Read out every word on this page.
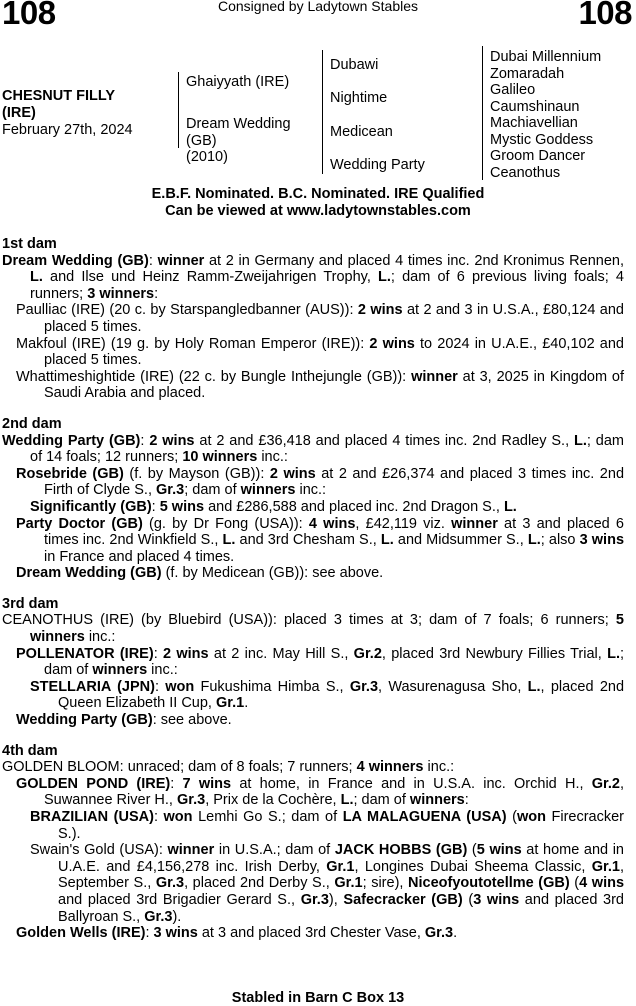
108	Consigned by Ladytown Stables	108
CHESNUT FILLY
(IRE)
February 27th, 2024
Ghaiyyath (IRE)
Dream Wedding
(GB)
(2010)
Dubawi
Nightime
Medicean
Wedding Party
Dubai Millennium
Zomaradah
Galileo
Caumshinaun
Machiavellian
Mystic Goddess
Groom Dancer
Ceanothus
E.B.F. Nominated. B.C. Nominated. IRE Qualified
Can be viewed at www.ladytownstables.com
1st dam
Dream Wedding (GB): winner at 2 in Germany and placed 4 times inc. 2nd Kronimus Rennen, L. and Ilse und Heinz Ramm-Zweijahrigen Trophy, L.; dam of 6 previous living foals; 4 runners; 3 winners:
Paulliac (IRE) (20 c. by Starspangledbanner (AUS)): 2 wins at 2 and 3 in U.S.A., £80,124 and placed 5 times.
Makfoul (IRE) (19 g. by Holy Roman Emperor (IRE)): 2 wins to 2024 in U.A.E., £40,102 and placed 5 times.
Whattimeshightide (IRE) (22 c. by Bungle Inthejungle (GB)): winner at 3, 2025 in Kingdom of Saudi Arabia and placed.
2nd dam
Wedding Party (GB): 2 wins at 2 and £36,418 and placed 4 times inc. 2nd Radley S., L.; dam of 14 foals; 12 runners; 10 winners inc.:
Rosebride (GB) (f. by Mayson (GB)): 2 wins at 2 and £26,374 and placed 3 times inc. 2nd Firth of Clyde S., Gr.3; dam of winners inc.:
Significantly (GB): 5 wins and £286,588 and placed inc. 2nd Dragon S., L.
Party Doctor (GB) (g. by Dr Fong (USA)): 4 wins, £42,119 viz. winner at 3 and placed 6 times inc. 2nd Winkfield S., L. and 3rd Chesham S., L. and Midsummer S., L.; also 3 wins in France and placed 4 times.
Dream Wedding (GB) (f. by Medicean (GB)): see above.
3rd dam
CEANOTHUS (IRE) (by Bluebird (USA)): placed 3 times at 3; dam of 7 foals; 6 runners; 5 winners inc.:
POLLENATOR (IRE): 2 wins at 2 inc. May Hill S., Gr.2, placed 3rd Newbury Fillies Trial, L.; dam of winners inc.:
STELLARIA (JPN): won Fukushima Himba S., Gr.3, Wasurenagusa Sho, L., placed 2nd Queen Elizabeth II Cup, Gr.1.
Wedding Party (GB): see above.
4th dam
GOLDEN BLOOM: unraced; dam of 8 foals; 7 runners; 4 winners inc.:
GOLDEN POND (IRE): 7 wins at home, in France and in U.S.A. inc. Orchid H., Gr.2, Suwannee River H., Gr.3, Prix de la Cochère, L.; dam of winners:
BRAZILIAN (USA): won Lemhi Go S.; dam of LA MALAGUENA (USA) (won Firecracker S.).
Swain's Gold (USA): winner in U.S.A.; dam of JACK HOBBS (GB) (5 wins at home and in U.A.E. and £4,156,278 inc. Irish Derby, Gr.1, Longines Dubai Sheema Classic, Gr.1, September S., Gr.3, placed 2nd Derby S., Gr.1; sire), Niceofyoutotellme (GB) (4 wins and placed 3rd Brigadier Gerard S., Gr.3), Safecracker (GB) (3 wins and placed 3rd Ballyroan S., Gr.3).
Golden Wells (IRE): 3 wins at 3 and placed 3rd Chester Vase, Gr.3.
Stabled in Barn C Box 13
